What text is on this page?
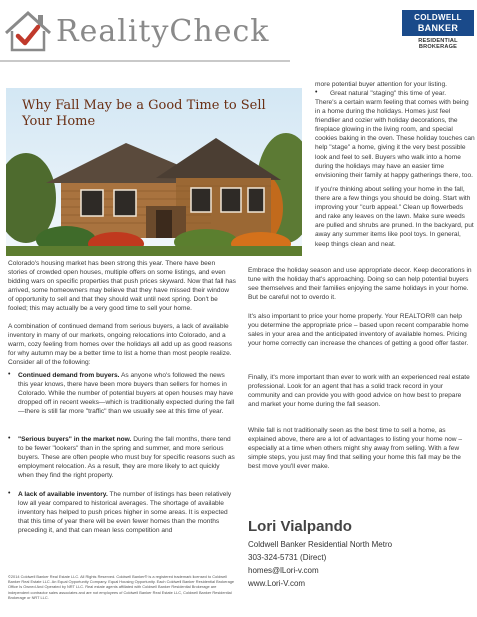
RealityCheck	COLDWELL
BANKER
RESIDENTIAL BROKERAGE
Why Fall May be a Good Time to Sell Your Home
Colorado's housing market has been strong this year. There have been stories of crowded open houses, multiple offers on some listings, and even bidding wars on specific properties that push prices skyward. Now that fall has arrived, some homeowners may believe that they have missed their window of opportunity to sell and that they should wait until next spring. Don't be fooled; this may actually be a very good time to sell your home.
A combination of continued demand from serious buyers, a lack of available inventory in many of our markets, ongoing relocations into Colorado, and a warm, cozy feeling from homes over the holidays all add up as good reasons for why autumn may be a better time to list a home than most people realize. Consider all of the following:
• Continued demand from buyers. As anyone who's followed the news this year knows, there have been more buyers than sellers for homes in Colorado. While the number of potential buyers at open houses may have dropped off in recent weeks—which is traditionally expected during the fall—there is still far more "traffic" than we usually see at this time of year.
• "Serious buyers" in the market now. During the fall months, there tend to be fewer "lookers" than in the spring and summer, and more serious buyers. These are often people who must buy for specific reasons such as employment relocation. As a result, they are more likely to act quickly when they find the right property.
• A lack of available inventory. The number of listings has been relatively low all year compared to historical averages. The shortage of available inventory has helped to push prices higher in some areas. It is expected that this time of year there will be even fewer homes than the months preceding it, and that can mean less competition and
©2014 Coldwell Banker Real Estate LLC. All Rights Reserved. Coldwell Banker® is a registered trademark licensed to Coldwell Banker Real Estate LLC. An Equal Opportunity Company. Equal Housing Opportunity. Each Coldwell Banker Residential Brokerage Office Is Owned And Operated by NRT LLC. Real estate agents affiliated with Coldwell Banker Residential Brokerage are independent contractor sales associates and are not employees of Coldwell Banker Real Estate LLC, Coldwell Banker Residential Brokerage or NRT LLC.
more potential buyer attention for your listing.
• Great natural "staging" this time of year.
There's a certain warm feeling that comes with being in a home during the holidays. Homes just feel friendlier and cozier with holiday decorations, the fireplace glowing in the living room, and special cookies baking in the oven. These holiday touches can help "stage" a home, giving it the very best possible look and feel to sell. Buyers who walk into a home during the holidays may have an easier time envisioning their family at happy gatherings there, too.
If you're thinking about selling your home in the fall, there are a few things you should be doing. Start with improving your "curb appeal." Clean up flowerbeds and rake any leaves on the lawn. Make sure weeds are pulled and shrubs are pruned. In the backyard, put away any summer items like pool toys. In general, keep things clean and neat.
Embrace the holiday season and use appropriate decor. Keep decorations in tune with the holiday that's approaching. Doing so can help potential buyers see themselves and their families enjoying the same holidays in your home. But be careful not to overdo it.
It's also important to price your home properly. Your REALTOR® can help you determine the appropriate price – based upon recent comparable home sales in your area and the anticipated inventory of available homes. Pricing your home correctly can increase the chances of getting a good offer faster.
Finally, it's more important than ever to work with an experienced real estate professional. Look for an agent that has a solid track record in your community and can provide you with good advice on how best to prepare and market your home during the fall season.
While fall is not traditionally seen as the best time to sell a home, as explained above, there are a lot of advantages to listing your home now – especially at a time when others might shy away from selling. With a few simple steps, you just may find that selling your home this fall may be the best move you'll ever make.
Lori Vialpando
Coldwell Banker Residential North Metro
303-324-5731 (Direct)
homes@lLori-v.com
www.Lori-V.com
